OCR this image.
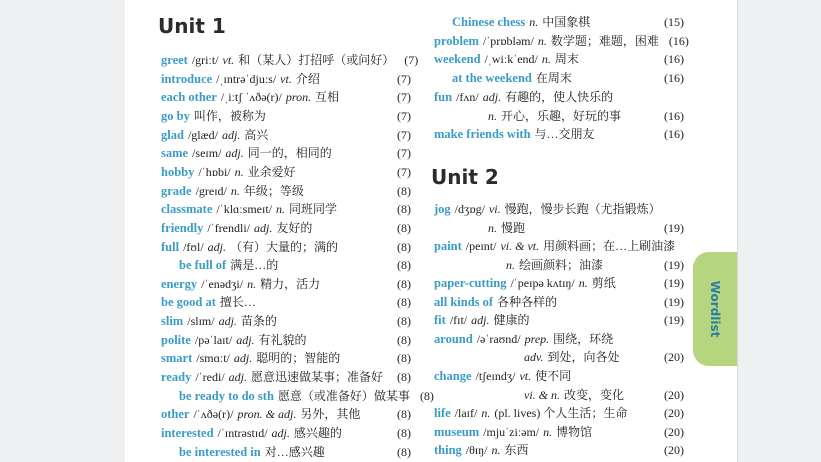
Unit 1
Unit 2
Wordlist
greet /griːt/ vt. 和（某人）打招呼（或问好） (7)
introduce /ˌɪntrəˈdjuːs/ vt. 介绍	(7)
each other /ˌiːtʃ ˈʌðə(r)/ pron. 互相	(7)
go by 叫作，被称为	(7)
glad /glæd/ adj. 高兴	(7)
same /seɪm/ adj. 同一的，相同的	(7)
hobby /ˈhɒbi/ n. 业余爱好	(7)
grade /greɪd/ n. 年级；等级	(8)
classmate /ˈklɑːsmeɪt/ n. 同班同学	(8)
friendly /ˈfrendli/ adj. 友好的	(8)
full /fʊl/ adj. （有）大量的；满的	(8)
be full of 满是…的	(8)
energy /ˈenədʒi/ n. 精力，活力	(8)
be good at 擅长…	(8)
slim /slɪm/ adj. 苗条的	(8)
polite /pəˈlaɪt/ adj. 有礼貌的	(8)
smart /smɑːt/ adj. 聪明的；智能的	(8)
ready /ˈredi/ adj. 愿意迅速做某事；准备好	(8)
be ready to do sth 愿意（或准备好）做某事 (8)
other /ˈʌðə(r)/ pron. & adj. 另外，其他	(8)
interested /ˈɪntrəstɪd/ adj. 感兴趣的	(8)
be interested in 对…感兴趣	(8)
Chinese chess n. 中国象棋	(15)
problem /ˈprɒbləm/ n. 数学题；难题，困难 (16)
weekend /ˌwiːkˈend/ n. 周末	(16)
at the weekend 在周末	(16)
fun /fʌn/ adj. 有趣的，使人快乐的
n. 开心，乐趣，好玩的事	(16)
make friends with 与…交朋友	(16)
jog /dʒɒg/ vi. 慢跑，慢步长跑（尤指锻炼）
n. 慢跑	(19)
paint /peɪnt/ vi. & vt. 用颜料画；在…上刷油漆
n. 绘画颜料；油漆	(19)
paper-cutting /ˈpeɪpə kʌtɪŋ/ n. 剪纸	(19)
all kinds of 各种各样的	(19)
fit /fɪt/ adj. 健康的	(19)
around /əˈraʊnd/ prep. 围绕，环绕
adv. 到处，向各处	(20)
change /tʃeɪndʒ/ vt. 使不同
vi. & n. 改变，变化	(20)
life /laɪf/ n. (pl. lives) 个人生活；生命	(20)
museum /mjuˈziːəm/ n. 博物馆	(20)
thing /θɪŋ/ n. 东西	(20)
